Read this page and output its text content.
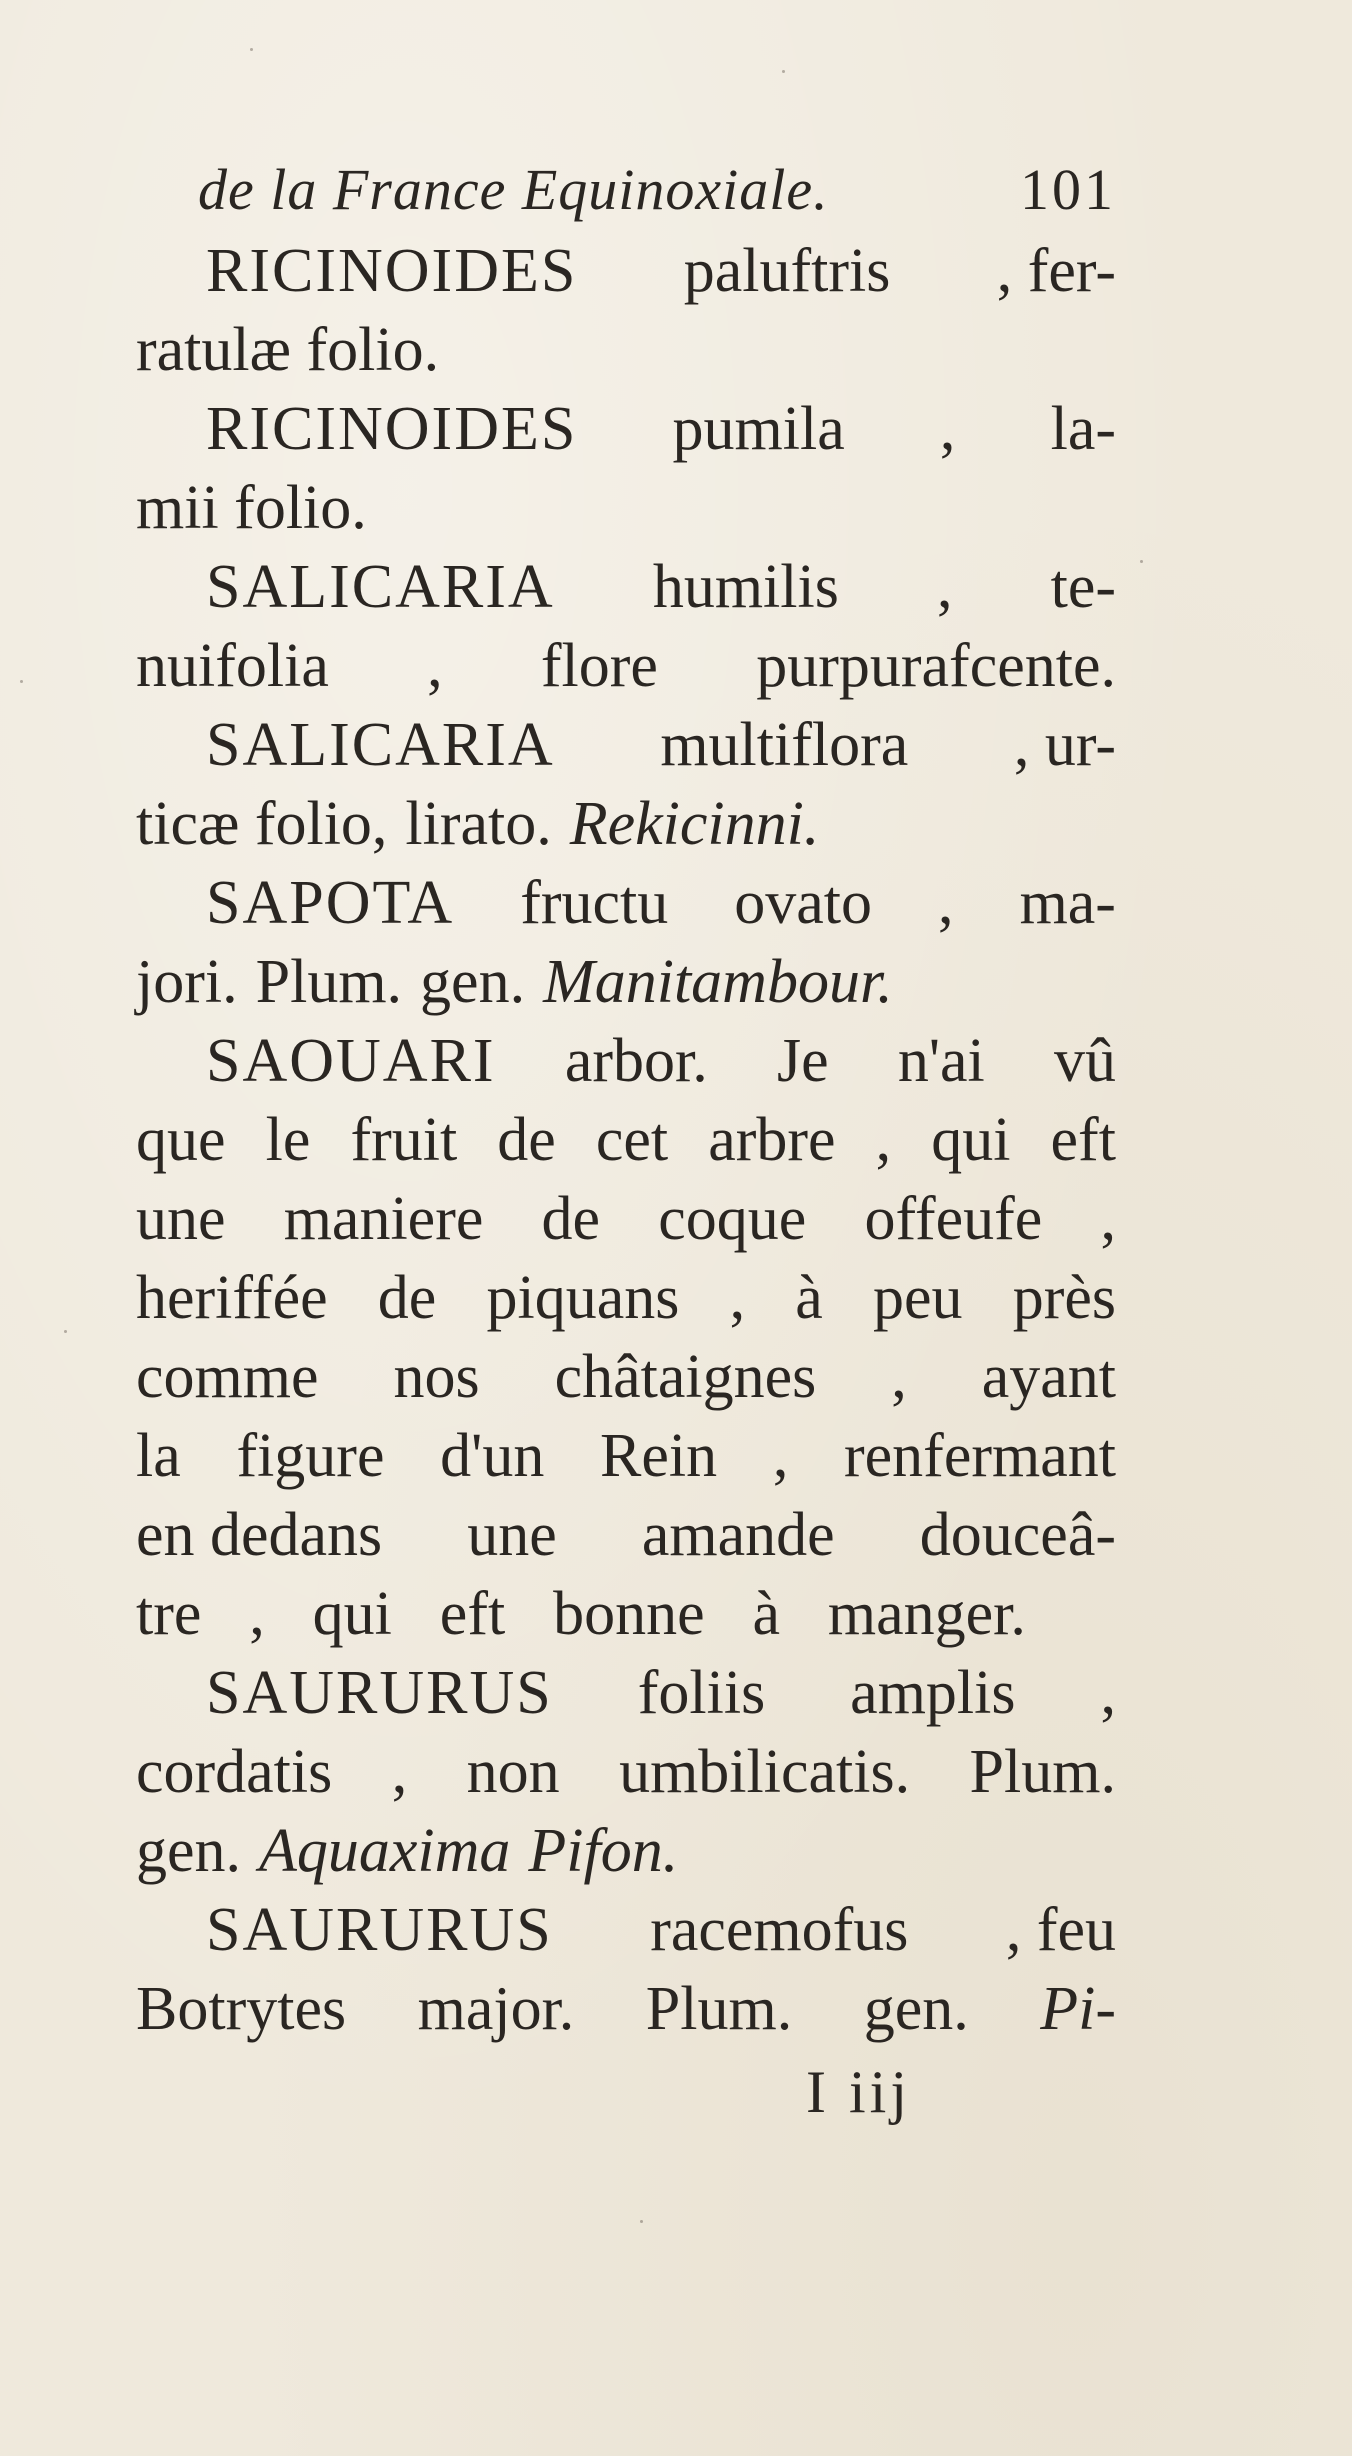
de la France Equinoxiale.	101
RICINOIDES paluftris , fer-
ratulæ folio.
RICINOIDES pumila , la-
mii folio.
SALICARIA humilis , te-
nuifolia , flore purpurafcente.
SALICARIA multiflora , ur-
ticæ folio , lirato. Rekicinni.
SAPOTA fructu ovato , ma-
jori. Plum. gen. Manitambour.
SAOUARI arbor. Je n'ai vû
que le fruit de cet arbre , qui eft
une maniere de coque offeufe ,
heriffée de piquans , à peu près
comme nos châtaignes , ayant
la figure d'un Rein , renfermant
en dedans une amande douceâ-
tre , qui eft bonne à manger.
SAURURUS foliis amplis ,
cordatis , non umbilicatis. Plum.
gen. Aquaxima Pifon.
SAURURUS racemofus , feu
Botrytes major. Plum. gen. Pi-
I iij
